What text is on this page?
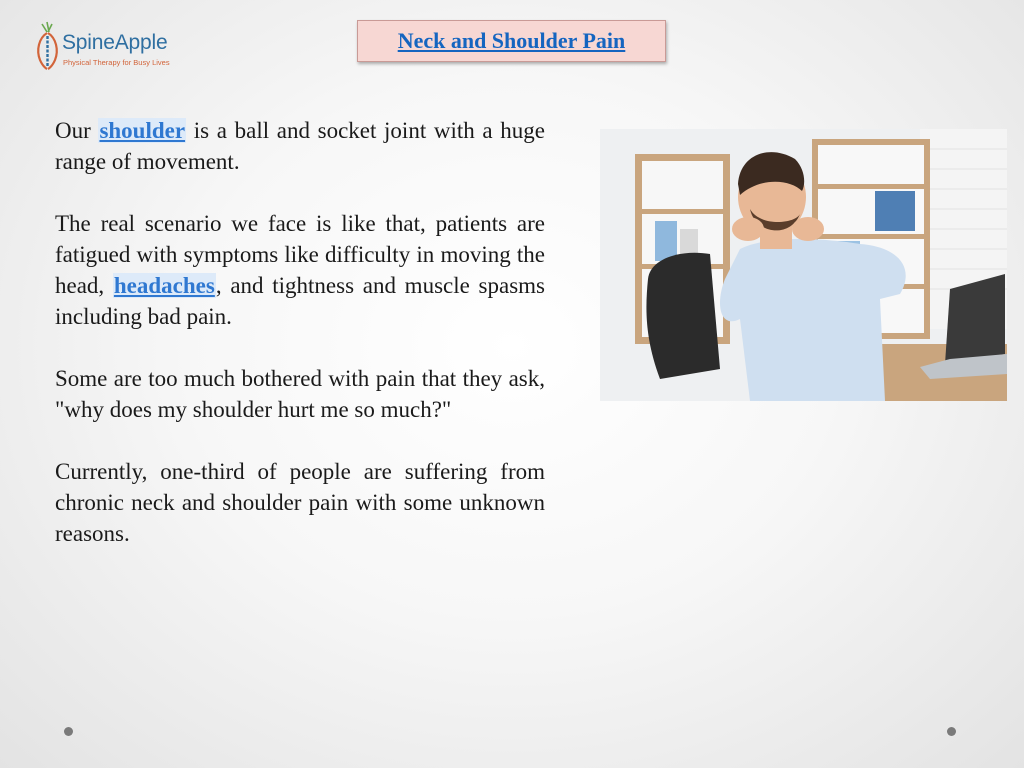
SpineApple
Physical Therapy for Busy Lives
Neck and Shoulder Pain

Our shoulder is a ball and socket joint with a huge range of movement.

The real scenario we face is like that, patients are fatigued with symptoms like difficulty in moving the head, headaches, and tightness and muscle spasms including bad pain.

Some are too much bothered with pain that they ask, "why does my shoulder hurt me so much?"

Currently, one-third of people are suffering from chronic neck and shoulder pain with some unknown reasons.
